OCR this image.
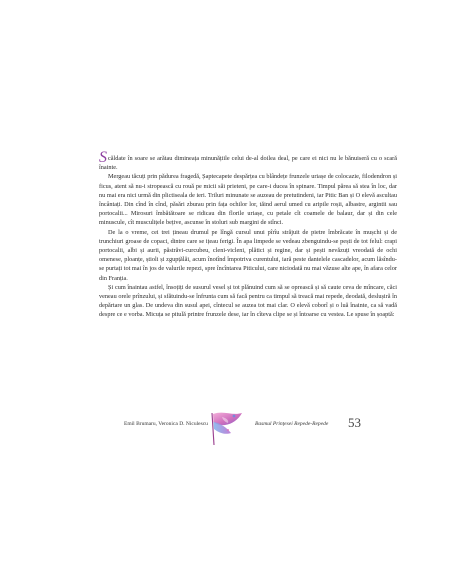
Scăldate în soare se arătau dimineața minunățiile celui de-al doilea deal, pe care ei nici nu le bănuiseră cu o scară înainte.

Mergeau tăcuți prin pădurea fragedă, Șaptecapete despărțea cu blândețe frunzele uriașe de colocazie, filodendron și ficus, atent să nu-i stropească cu rouă pe micii săi prieteni, pe care-i ducea în spinare. Timpul părea să stea în loc, dar nu mai era nici urmă din plictiseala de ieri. Triluri minunate se auzeau de pretutindeni, iar Pitic Ban și O elevă ascultau încântați. Din cînd în cînd, păsări zburau prin fața ochilor lor, tăind aerul umed cu aripile roșii, albastre, argintii sau portocalii... Mirosuri îmbătătoare se ridicau din florile uriașe, cu petale cît coamele de balaur, dar și din cele minuscule, cît musculițele bețive, ascunse în stoluri sub margini de stînci.

De la o vreme, cei trei țineau drumul pe lîngă cursul unui pîrîu străjuit de pietre îmbrăcate în mușchi și de trunchiuri groase de copaci, dintre care se ițeau ferigi. În apa limpede se vedeau zbenguindu-se pești de tot felul: crapi portocalii, albi și aurii, păstrăvi-curcubeu, cleni-vicleni, plătici și regine, dar și pești nevăzuți vreodată de ochi omenese, ploanțe, știoli și zgupțălăi, acum înotînd împotriva curentului, iară peste dantelele cascadelor, acum lăsîndu-se purtați tot mai în jos de valurile repezi, spre încîntarea Piticului, care niciodată nu mai văzuse alte ape, în afara celor din Franția.

Și cum înaintau astfel, însoțiți de susurul vesel și tot plănuind cum să se oprească și să caute ceva de mîncare, căci veneau orele prînzului, și sfătuindu-se înfrunta cum să facă pentru ca timpul să treacă mai repede, deodată, deslușiră în depărtare un glas. De undeva din susul apei, cîntecul se auzea tot mai clar. O elevă coborî și o luă înainte, ca să vadă despre ce e vorba. Micuța se pitulă printre frunzele dese, iar în cîteva clipe se și întoarse cu vestea. Le spuse în șoaptă:

Emil Brumaru, Veronica D. Niculescu	Basmul Prințesei Repede-Repede 53
